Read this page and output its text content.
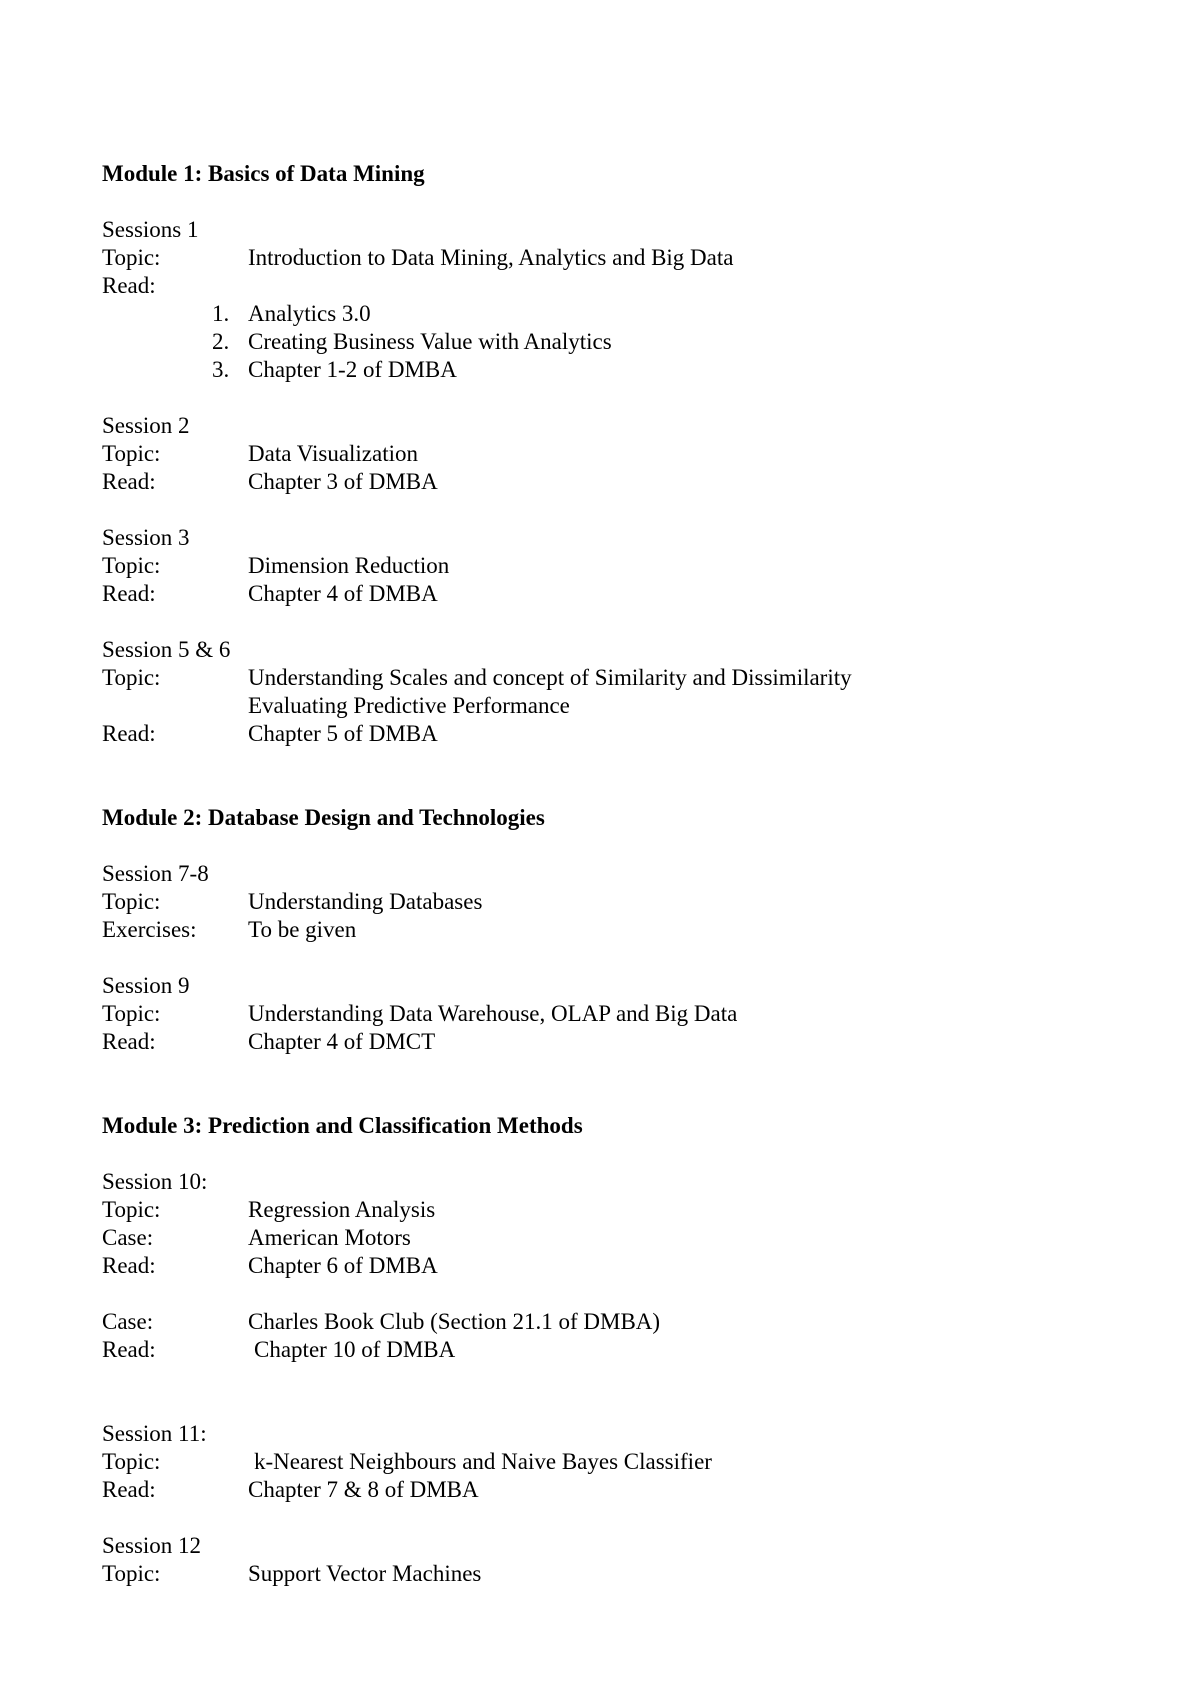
Module 1: Basics of Data Mining
Sessions 1
Topic:	Introduction to Data Mining, Analytics and Big Data
Read:
1. Analytics 3.0
2. Creating Business Value with Analytics
3. Chapter 1-2 of DMBA
Session 2
Topic:	Data Visualization
Read:	Chapter 3 of DMBA
Session 3
Topic:	Dimension Reduction
Read:	Chapter 4 of DMBA
Session 5 & 6
Topic:	Understanding Scales and concept of Similarity and Dissimilarity
Evaluating Predictive Performance
Read:	Chapter 5 of DMBA
Module 2: Database Design and Technologies
Session 7-8
Topic:	Understanding Databases
Exercises:	To be given
Session 9
Topic:	Understanding Data Warehouse, OLAP and Big Data
Read:	Chapter 4 of DMCT
Module 3: Prediction and Classification Methods
Session 10:
Topic:	Regression Analysis
Case:	American Motors
Read:	Chapter 6 of DMBA
Case:	Charles Book Club (Section 21.1 of DMBA)
Read:	Chapter 10 of DMBA
Session 11:
Topic:	k-Nearest Neighbours and Naive Bayes Classifier
Read:	Chapter 7 & 8 of DMBA
Session 12
Topic:	Support Vector Machines
